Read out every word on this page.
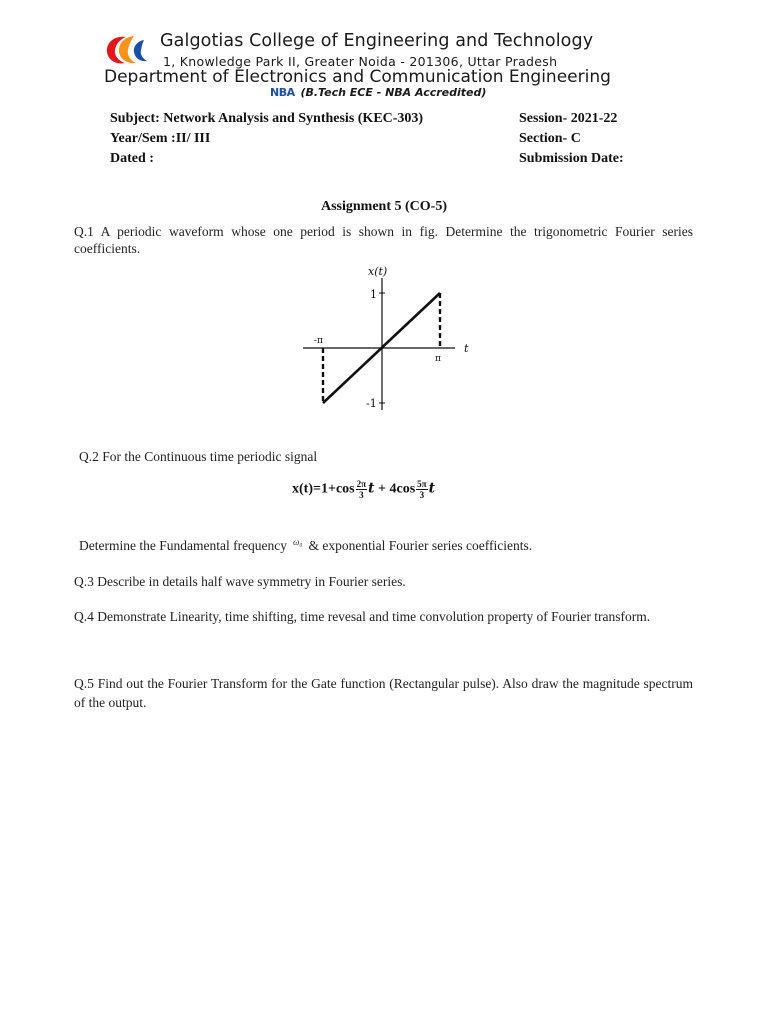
Galgotias College of Engineering and Technology
1, Knowledge Park II, Greater Noida - 201306, Uttar Pradesh
Department of Electronics and Communication Engineering
NBA (B.Tech ECE - NBA Accredited)
Subject: Network Analysis and Synthesis (KEC-303)	Session- 2021-22
Year/Sem :II/ III	Section- C
Dated :	Submission Date:
Assignment 5 (CO-5)
Q.1 A periodic waveform whose one period is shown in fig. Determine the trigonometric Fourier series coefficients.
x(t)
t
1
-1
-π
π
Q.2 For the Continuous time periodic signal
$x(t)=1+\cos \frac{2\pi}{3}$ $t + 4\cos \frac{5\pi}{3}$ t
Determine the Fundamental frequency $^{\omega_0}$ & exponential Fourier series coefficients.
Q.3 Describe in details half wave symmetry in Fourier series.
Q.4 Demonstrate Linearity, time shifting, time revesal and time convolution property of Fourier transform.
Q.5 Find out the Fourier Transform for the Gate function (Rectangular pulse). Also draw the magnitude spectrum of the output.
